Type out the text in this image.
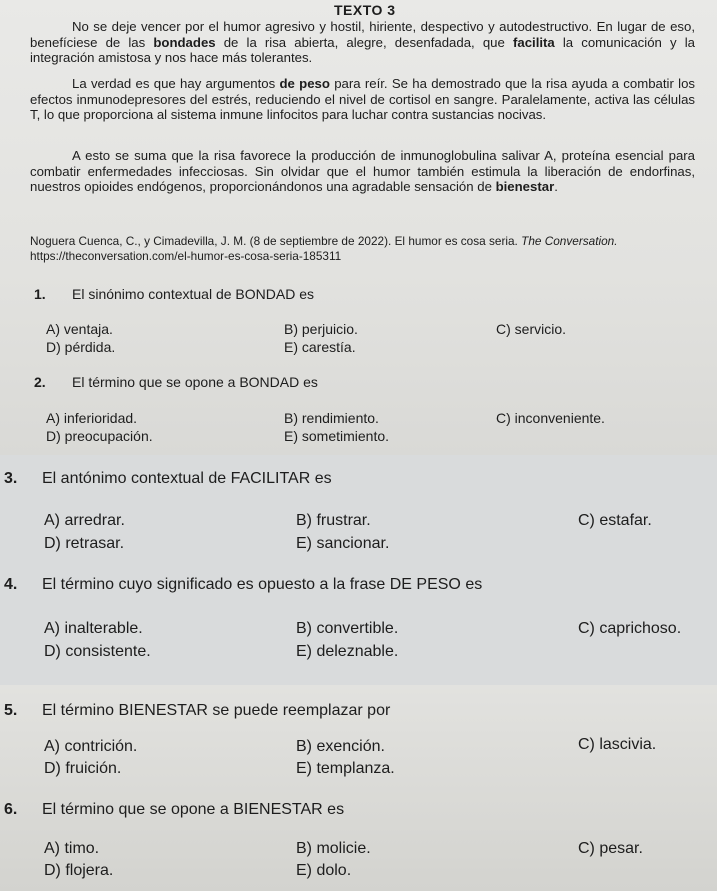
TEXTO 3

No se deje vencer por el humor agresivo y hostil, hiriente, despectivo y autodestructivo. En lugar de eso, benefíciese de las bondades de la risa abierta, alegre, desenfadada, que facilita la comunicación y la integración amistosa y nos hace más tolerantes.

La verdad es que hay argumentos de peso para reír. Se ha demostrado que la risa ayuda a combatir los efectos inmunodepresores del estrés, reduciendo el nivel de cortisol en sangre. Paralelamente, activa las células T, lo que proporciona al sistema inmune linfocitos para luchar contra sustancias nocivas.

A esto se suma que la risa favorece la producción de inmunoglobulina salivar A, proteína esencial para combatir enfermedades infecciosas. Sin olvidar que el humor también estimula la liberación de endorfinas, nuestros opioides endógenos, proporcionándonos una agradable sensación de bienestar.

Noguera Cuenca, C., y Cimadevilla, J. M. (8 de septiembre de 2022). El humor es cosa seria. The Conversation.

https://theconversation.com/el-humor-es-cosa-seria-185311

1. El sinónimo contextual de BONDAD es
A) ventaja.	B) perjuicio.	C) servicio.
D) pérdida.	E) carestía.
2. El término que se opone a BONDAD es
A) inferioridad.	B) rendimiento.	C) inconveniente.
D) preocupación.	E) sometimiento.
3. El antónimo contextual de FACILITAR es
A) arredrar.	B) frustrar.	C) estafar.
D) retrasar.	E) sancionar.
4. El término cuyo significado es opuesto a la frase DE PESO es
A) inalterable.	B) convertible.	C) caprichoso.
D) consistente.	E) deleznable.
5. El término BIENESTAR se puede reemplazar por
A) contrición.	B) exención.	C) lascivia.
D) fruición.	E) templanza.
6. El término que se opone a BIENESTAR es
A) timo.	B) molicie.	C) pesar.
D) flojera.	E) dolo.
